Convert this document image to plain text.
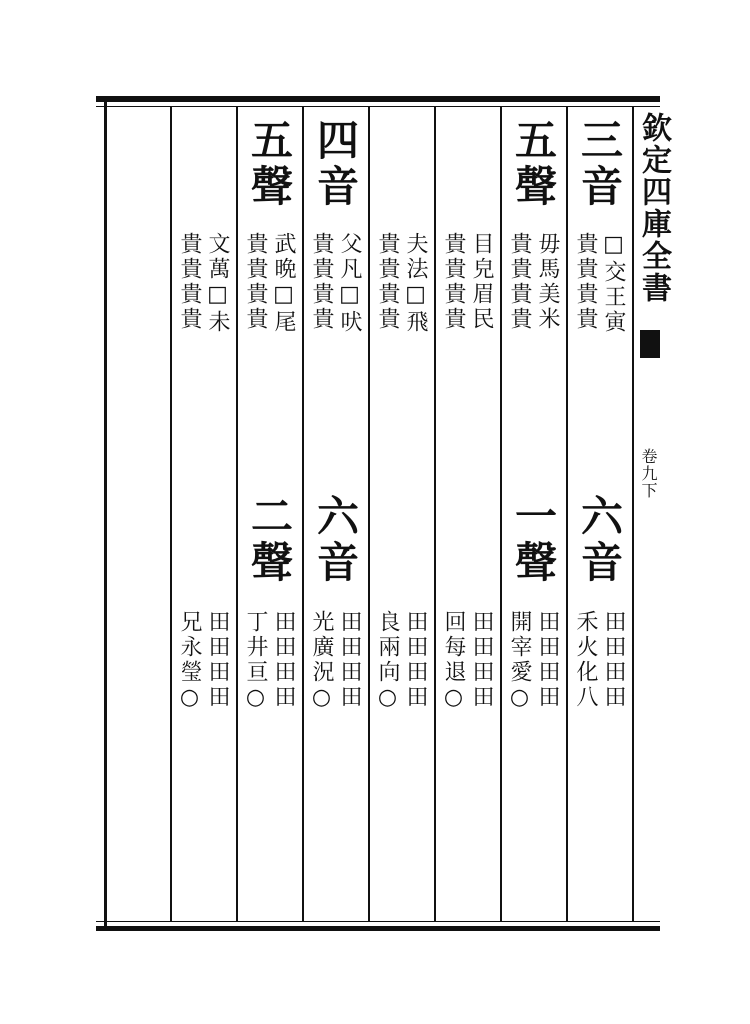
欽定四庫全書
卷九下
三音
□交王寅
貴貴貴貴
六音
田田田田
禾火化八
五聲
毋馬美米
貴貴貴貴
一聲
田田田田
開宰愛○
目皃眉民
貴貴貴貴
田田田田
回每退○
夫法□飛
貴貴貴貴
田田田田
良兩向○
四音
父凡□吠
貴貴貴貴
六音
田田田田
光廣況○
五聲
武晩□尾
貴貴貴貴
二聲
田田田田
丁井亘○
文萬□未
貴貴貴貴
田田田田
兄永瑩○
